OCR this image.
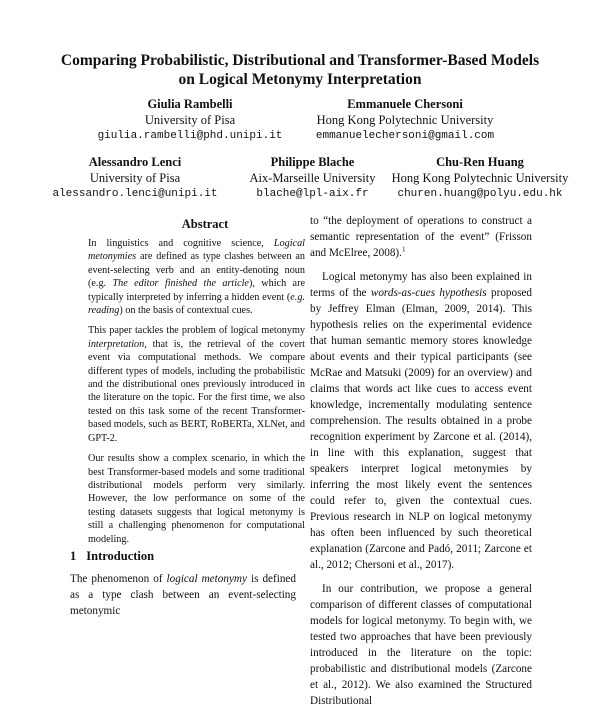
Comparing Probabilistic, Distributional and Transformer-Based Models
on Logical Metonymy Interpretation
Giulia Rambelli
University of Pisa
giulia.rambelli@phd.unipi.it
Emmanuele Chersoni
Hong Kong Polytechnic University
emmanuelechersoni@gmail.com
Alessandro Lenci
University of Pisa
alessandro.lenci@unipi.it
Philippe Blache
Aix-Marseille University
blache@lpl-aix.fr
Chu-Ren Huang
Hong Kong Polytechnic University
churen.huang@polyu.edu.hk
Abstract

In linguistics and cognitive science, Logical metonymies are defined as type clashes between an event-selecting verb and an entity-denoting noun (e.g. The editor finished the article), which are typically interpreted by inferring a hidden event (e.g. reading) on the basis of contextual cues.

This paper tackles the problem of logical metonymy interpretation, that is, the retrieval of the covert event via computational methods. We compare different types of models, including the probabilistic and the distributional ones previously introduced in the literature on the topic. For the first time, we also tested on this task some of the recent Transformer-based models, such as BERT, RoBERTa, XLNet, and GPT-2.

Our results show a complex scenario, in which the best Transformer-based models and some traditional distributional models perform very similarly. However, the low performance on some of the testing datasets suggests that logical metonymy is still a challenging phenomenon for computational modeling.

1 Introduction
The phenomenon of logical metonymy is defined as a type clash between an event-selecting metonymic

to “the deployment of operations to construct a semantic representation of the event” (Frisson and McElree, 2008).$^1$

Logical metonymy has also been explained in terms of the words-as-cues hypothesis proposed by Jeffrey Elman (Elman, 2009, 2014). This hypothesis relies on the experimental evidence that human semantic memory stores knowledge about events and their typical participants (see McRae and Matsuki (2009) for an overview) and claims that words act like cues to access event knowledge, incrementally modulating sentence comprehension. The results obtained in a probe recognition experiment by Zarcone et al. (2014), in line with this explanation, suggest that speakers interpret logical metonymies by inferring the most likely event the sentences could refer to, given the contextual cues. Previous research in NLP on logical metonymy has often been influenced by such theoretical explanation (Zarcone and Padó, 2011; Zarcone et al., 2012; Chersoni et al., 2017).

In our contribution, we propose a general comparison of different classes of computational models for logical metonymy. To begin with, we tested two approaches that have been previously introduced in the literature on the topic: probabilistic and distributional models (Zarcone et al., 2012). We also examined the Structured Distributional
